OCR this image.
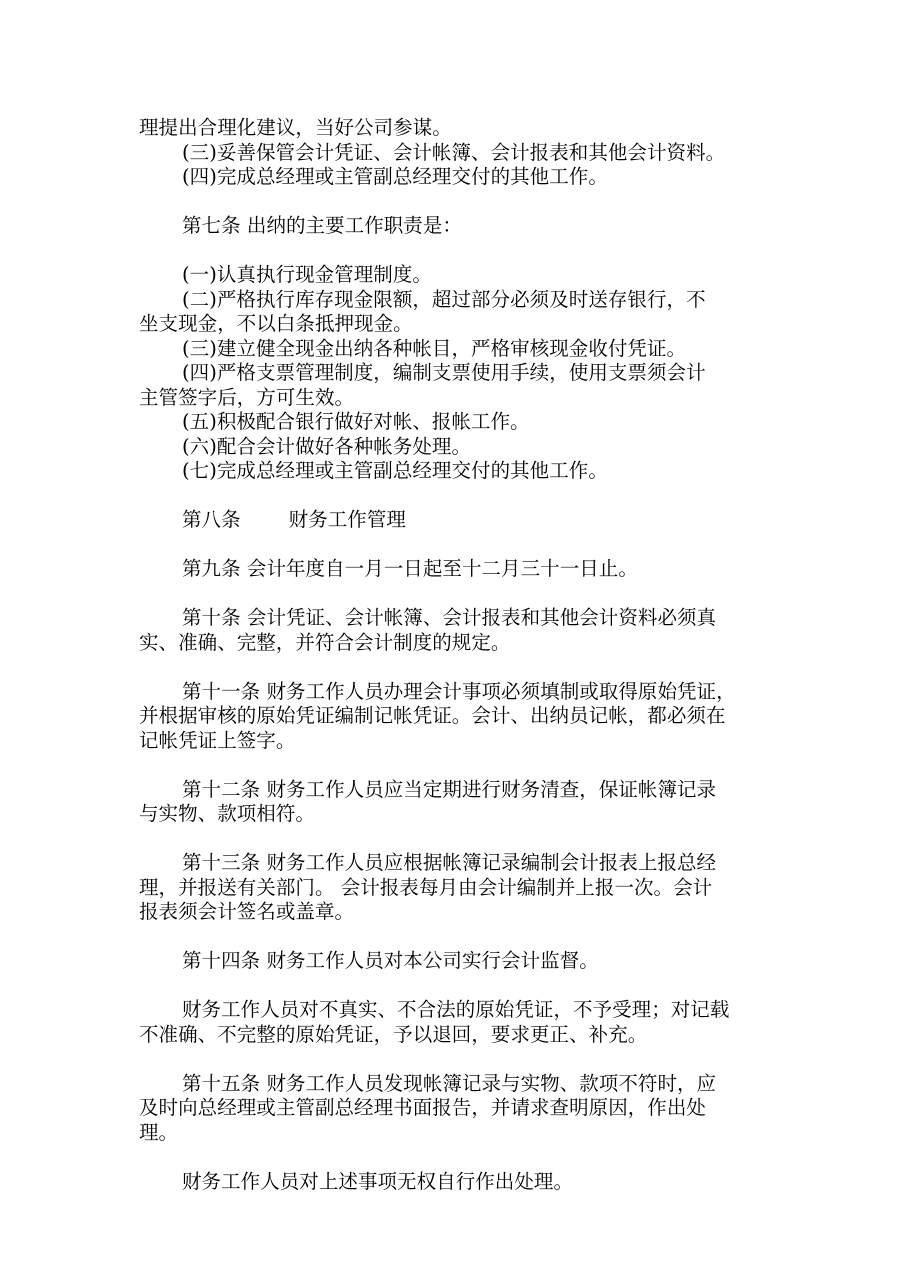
理提出合理化建议，当好公司参谋。
(三)妥善保管会计凭证、会计帐簿、会计报表和其他会计资料。
(四)完成总经理或主管副总经理交付的其他工作。
第七条 出纳的主要工作职责是：
(一)认真执行现金管理制度。
(二)严格执行库存现金限额，超过部分必须及时送存银行，不
坐支现金，不以白条抵押现金。
(三)建立健全现金出纳各种帐目，严格审核现金收付凭证。
(四)严格支票管理制度，编制支票使用手续，使用支票须会计
主管签字后，方可生效。
(五)积极配合银行做好对帐、报帐工作。
(六)配合会计做好各种帐务处理。
(七)完成总经理或主管副总经理交付的其他工作。
第八条 财务工作管理
第九条 会计年度自一月一日起至十二月三十一日止。
第十条 会计凭证、会计帐簿、会计报表和其他会计资料必须真
实、准确、完整，并符合会计制度的规定。
第十一条 财务工作人员办理会计事项必须填制或取得原始凭证，
并根据审核的原始凭证编制记帐凭证。会计、出纳员记帐，都必须在
记帐凭证上签字。
第十二条 财务工作人员应当定期进行财务清查，保证帐簿记录
与实物、款项相符。
第十三条 财务工作人员应根据帐簿记录编制会计报表上报总经
理，并报送有关部门。 会计报表每月由会计编制并上报一次。会计
报表须会计签名或盖章。
第十四条 财务工作人员对本公司实行会计监督。
财务工作人员对不真实、不合法的原始凭证，不予受理；对记载
不准确、不完整的原始凭证，予以退回，要求更正、补充。
第十五条 财务工作人员发现帐簿记录与实物、款项不符时，应
及时向总经理或主管副总经理书面报告，并请求查明原因，作出处
理。
财务工作人员对上述事项无权自行作出处理。
